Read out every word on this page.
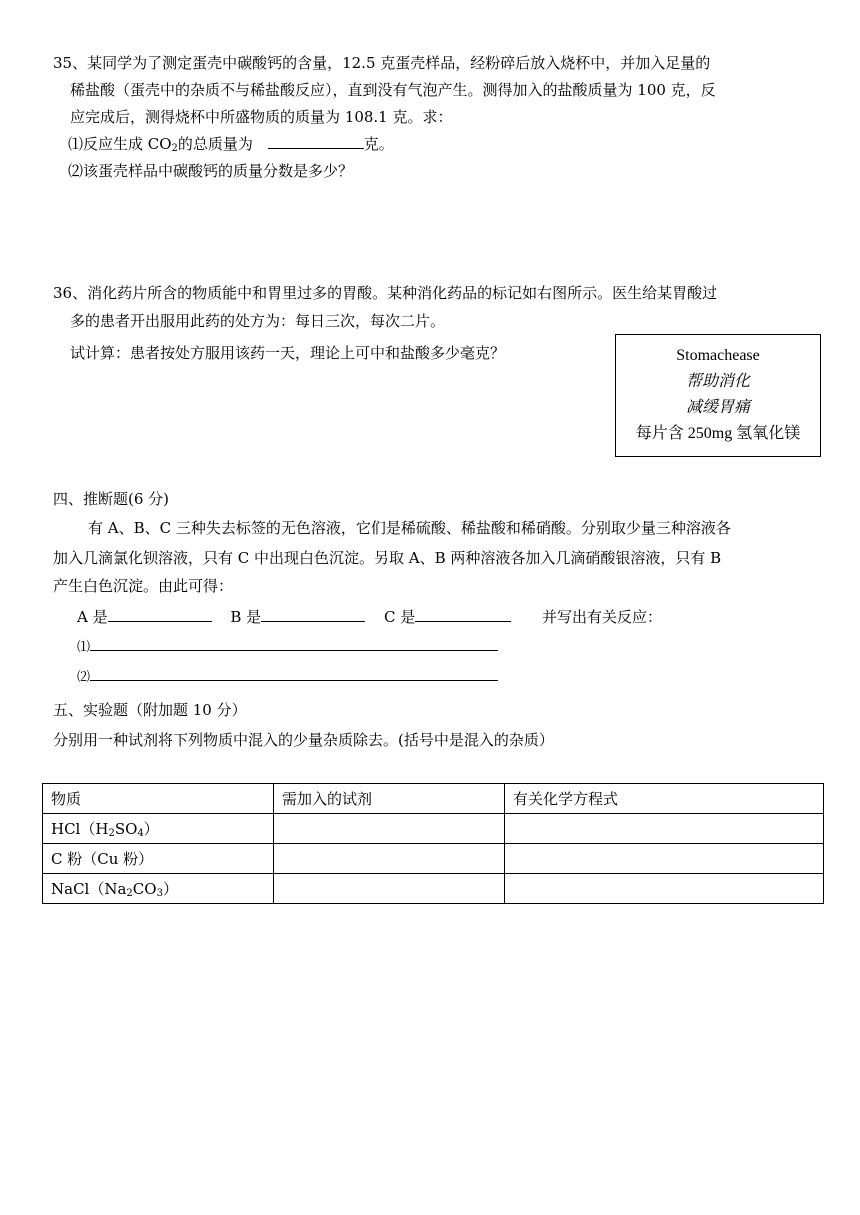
35、某同学为了测定蛋壳中碳酸钙的含量，12.5 克蛋壳样品，经粉碎后放入烧杯中，并加入足量的
稀盐酸（蛋壳中的杂质不与稀盐酸反应），直到没有气泡产生。测得加入的盐酸质量为 100 克，反
应完成后，测得烧杯中所盛物质的质量为 108.1 克。求：
⑴反应生成 $CO_2$的总质量为	克。
⑵该蛋壳样品中碳酸钙的质量分数是多少？
36、消化药片所含的物质能中和胃里过多的胃酸。某种消化药品的标记如右图所示。医生给某胃酸过
多的患者开出服用此药的处方为：每日三次，每次二片。
试计算：患者按处方服用该药一天，理论上可中和盐酸多少毫克？	Stomachease
帮助消化
减缓胃痛
每片含 250mg 氢氧化镁
四、推断题(6 分)
有 A、B、C 三种失去标签的无色溶液，它们是稀硫酸、稀盐酸和稀硝酸。分别取少量三种溶液各
加入几滴氯化钡溶液，只有 C 中出现白色沉淀。另取 A、B 两种溶液各加入几滴硝酸银溶液，只有 B
产生白色沉淀。由此可得：
A 是	B 是	C 是	并写出有关反应：
⑴
⑵
五、实验题（附加题 10 分）
分别用一种试剂将下列物质中混入的少量杂质除去。(括号中是混入的杂质）
物质	需加入的试剂	有关化学方程式
$HCl(H_2SO_4)$		
C 粉（Cu 粉）		
$NaCl(Na_2CO_3)$		
